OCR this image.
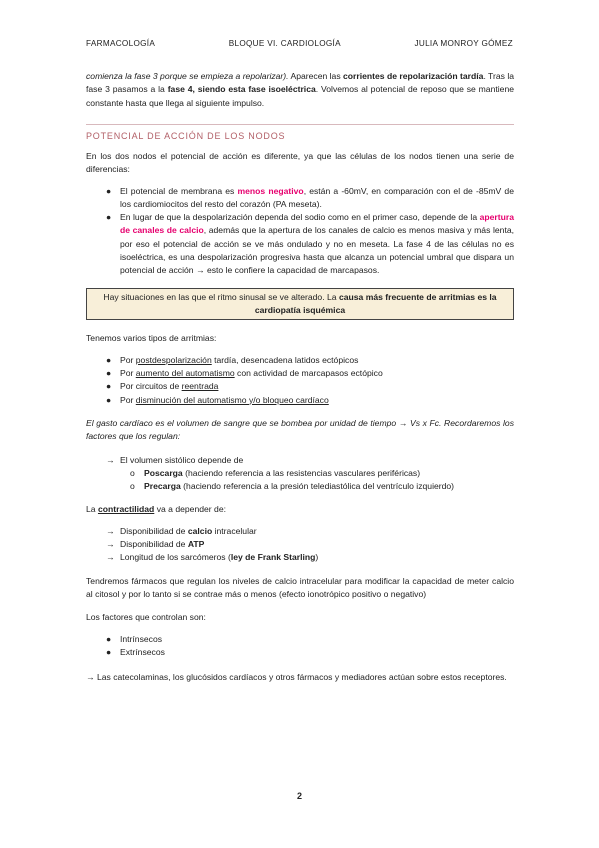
FARMACOLOGÍA	BLOQUE VI. CARDIOLOGÍA	JULIA MONROY GÓMEZ

comienza la fase 3 porque se empieza a repolarizar). Aparecen las corrientes de repolarización tardía. Tras la fase 3 pasamos a la fase 4, siendo esta fase isoeléctrica. Volvemos al potencial de reposo que se mantiene constante hasta que llega al siguiente impulso.

POTENCIAL DE ACCIÓN DE LOS NODOS

En los dos nodos el potencial de acción es diferente, ya que las células de los nodos tienen una serie de diferencias:

● El potencial de membrana es menos negativo, están a -60mV, en comparación con el de -85mV de los cardiomiocitos del resto del corazón (PA meseta).
● En lugar de que la despolarización dependa del sodio como en el primer caso, depende de la apertura de canales de calcio, además que la apertura de los canales de calcio es menos masiva y más lenta, por eso el potencial de acción se ve más ondulado y no en meseta. La fase 4 de las células no es isoeléctrica, es una despolarización progresiva hasta que alcanza un potencial umbral que dispara un potencial de acción → esto le confiere la capacidad de marcapasos.
Hay situaciones en las que el ritmo sinusal se ve alterado. La causa más frecuente de arritmias es la cardiopatía isquémica

Tenemos varios tipos de arritmias:

● Por postdespolarización tardía, desencadena latidos ectópicos
● Por aumento del automatismo con actividad de marcapasos ectópico
● Por circuitos de reentrada
● Por disminución del automatismo y/o bloqueo cardíaco

El gasto cardíaco es el volumen de sangre que se bombea por unidad de tiempo → Vs x Fc. Recordaremos los factores que los regulan:

→ El volumen sistólico depende de
o Poscarga (haciendo referencia a las resistencias vasculares periféricas)
o Precarga (haciendo referencia a la presión telediastólica del ventrículo izquierdo)

La contractilidad va a depender de:

→ Disponibilidad de calcio intracelular
→ Disponibilidad de ATP
→ Longitud de los sarcómeros (ley de Frank Starling)

Tendremos fármacos que regulan los niveles de calcio intracelular para modificar la capacidad de meter calcio al citosol y por lo tanto si se contrae más o menos (efecto ionotrópico positivo o negativo)

Los factores que controlan son:

● Intrínsecos
● Extrínsecos

→ Las catecolaminas, los glucósidos cardíacos y otros fármacos y mediadores actúan sobre estos receptores.

2
